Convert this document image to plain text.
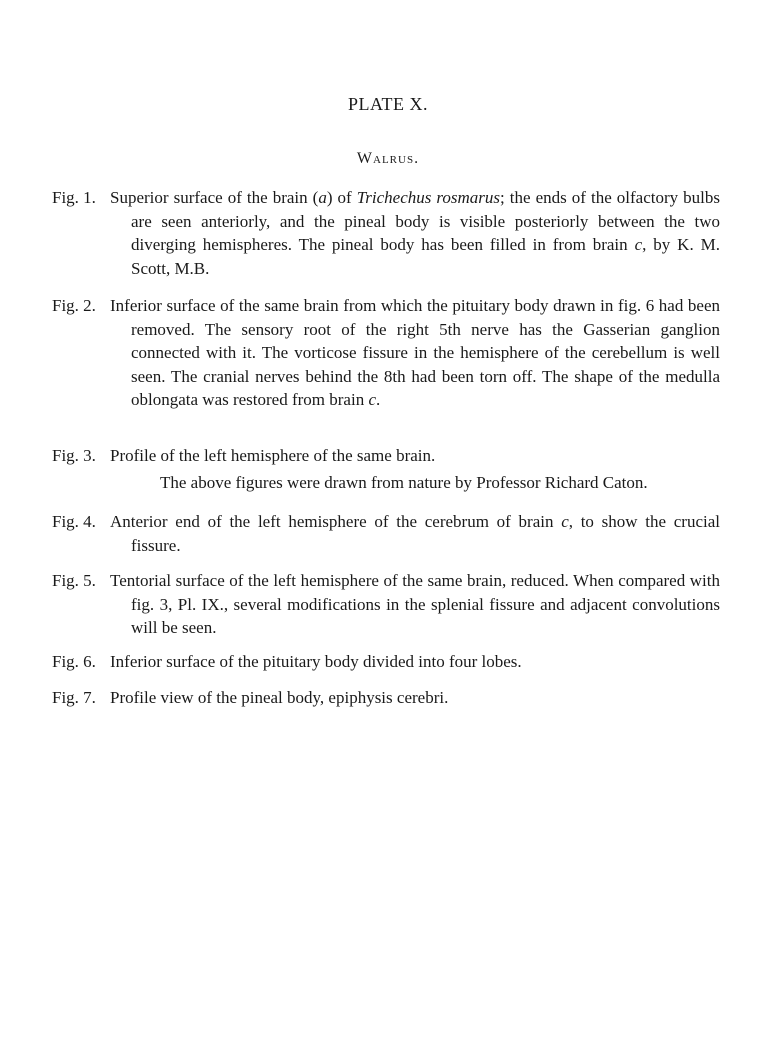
PLATE X.
Walrus.
Fig. 1. Superior surface of the brain (a) of Trichechus rosmarus; the ends of the olfactory bulbs are seen anteriorly, and the pineal body is visible posteriorly between the two diverging hemispheres. The pineal body has been filled in from brain c, by K. M. Scott, M.B.
Fig. 2. Inferior surface of the same brain from which the pituitary body drawn in fig. 6 had been removed. The sensory root of the right 5th nerve has the Gasserian ganglion connected with it. The vorticose fissure in the hemisphere of the cerebellum is well seen. The cranial nerves behind the 8th had been torn off. The shape of the medulla oblongata was restored from brain c.
Fig. 3. Profile of the left hemisphere of the same brain.
The above figures were drawn from nature by Professor Richard Caton.
Fig. 4. Anterior end of the left hemisphere of the cerebrum of brain c, to show the crucial fissure.
Fig. 5. Tentorial surface of the left hemisphere of the same brain, reduced. When compared with fig. 3, Pl. IX., several modifications in the splenial fissure and adjacent convolutions will be seen.
Fig. 6. Inferior surface of the pituitary body divided into four lobes.
Fig. 7. Profile view of the pineal body, epiphysis cerebri.
